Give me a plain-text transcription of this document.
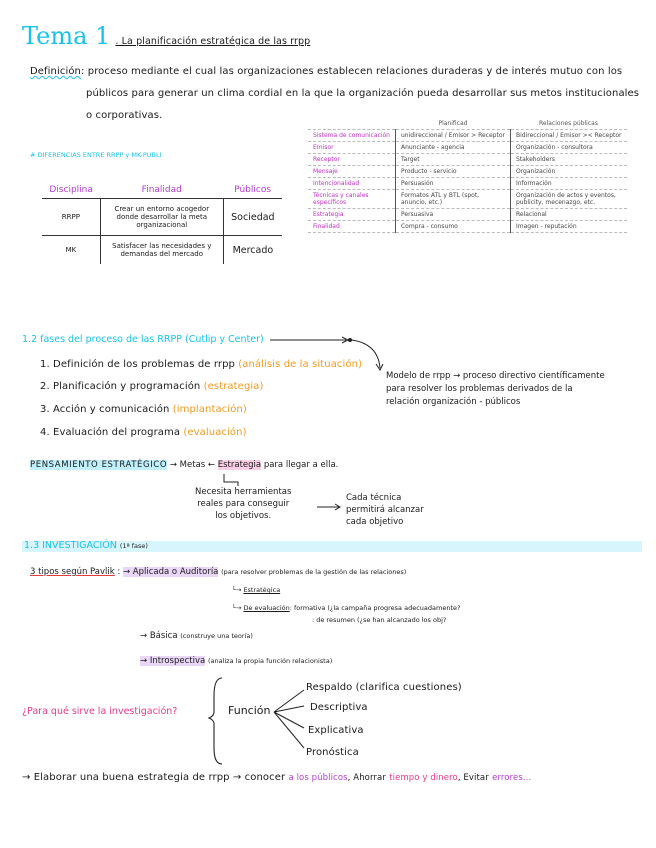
Tema 1 . La planificación estratégica de las rrpp
Definición: proceso mediante el cual las organizaciones establecen relaciones duraderas y de interés mutuo con los
públicos para generar un clima cordial en la que la organización pueda desarrollar sus metos institucionales
o corporativas.
# DIFERENCIAS ENTRE RRPP y MK-PUBLI
Disciplina	Finalidad	Públicos
RRPP	Crear un entorno acogedor donde desarrollar la meta organizacional	Sociedad
MK	Satisfacer las necesidades y demandas del mercado	Mercado
	Planificad	Relaciones públicas
Sistema de comunicación	unidireccional / Emisor > Receptor	Bidireccional / Emisor >< Receptor
Emisor	Anunciante - agencia	Organización - consultora
Receptor	Target	Stakeholders
Mensaje	Producto - servicio	Organización
Intencionalidad	Persuasión	Información
Técnicas y canales específicos	Formatos ATL y BTL (spot, anuncio, etc.)	Organización de actos y eventos, publicity, mecenazgo, etc.
Estrategia	Persuasiva	Relacional
Finalidad	Compra - consumo	Imagen - reputación
1.2 fases del proceso de las RRPP (Cutlip y Center)
1. Definición de los problemas de rrpp (análisis de la situación)
2. Planificación y programación (estrategia)
3. Acción y comunicación (implantación)
4. Evaluación del programa (evaluación)
Modelo de rrpp → proceso directivo científicamente
para resolver los problemas derivados de la
relación organización - públicos
PENSAMIENTO ESTRATÉGICO → Metas ← Estrategia para llegar a ella.
Necesita herramientas
reales para conseguir
los objetivos.
Cada técnica
permitirá alcanzar
cada objetivo
1.3 INVESTIGACIÓN (1ª fase)
3 tipos según Pavlik : → Aplicada o Auditoría (para resolver problemas de la gestión de las relaciones)
└→ Estratégica
└→ De evaluación: formativa (¿la campaña progresa adecuadamente?
: de resumen (¿se han alcanzado los obj?
→ Básica (construye una teoría)
→ Introspectiva (analiza la propia función relacionista)
¿Para qué sirve la investigación?	Función
Respaldo (clarifica cuestiones)
Descriptiva
Explicativa
Pronóstica
→ Elaborar una buena estrategia de rrpp → conocer a los públicos, Ahorrar tiempo y dinero, Evitar errores...
